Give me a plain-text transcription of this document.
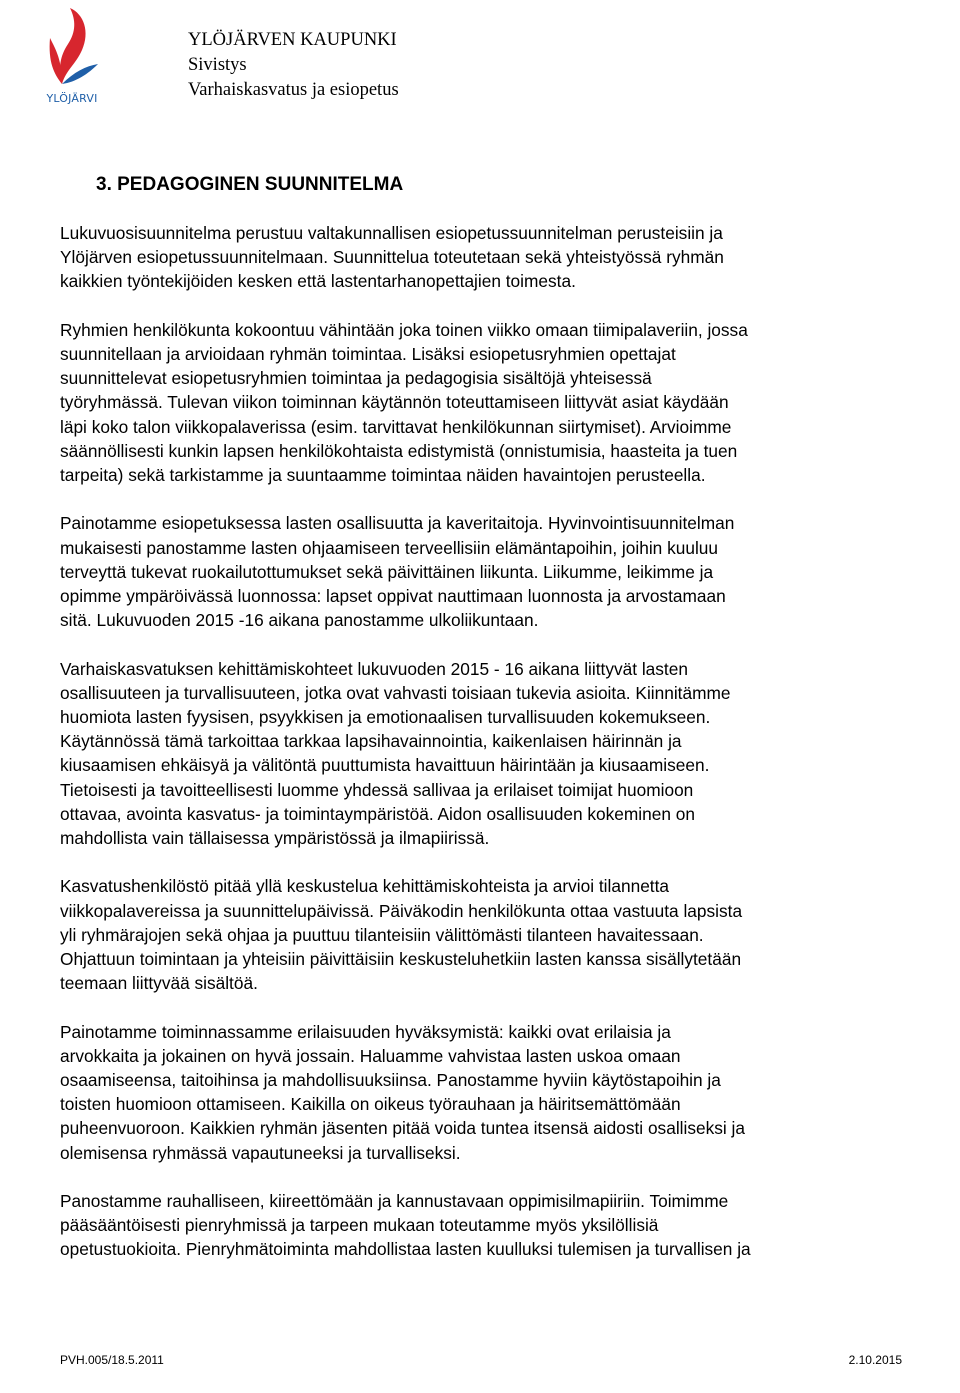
YLÖJÄRVI
YLÖJÄRVEN KAUPUNKI
Sivistys
Varhaiskasvatus ja esiopetus
3. PEDAGOGINEN SUUNNITELMA
Lukuvuosisuunnitelma perustuu valtakunnallisen esiopetussuunnitelman perusteisiin ja
Ylöjärven esiopetussuunnitelmaan. Suunnittelua toteutetaan sekä yhteistyössä ryhmän
kaikkien työntekijöiden kesken että lastentarhanopettajien toimesta.
Ryhmien henkilökunta kokoontuu vähintään joka toinen viikko omaan tiimipalaveriin, jossa
suunnitellaan ja arvioidaan ryhmän toimintaa. Lisäksi esiopetusryhmien opettajat
suunnittelevat esiopetusryhmien toimintaa ja pedagogisia sisältöjä yhteisessä
työryhmässä. Tulevan viikon toiminnan käytännön toteuttamiseen liittyvät asiat käydään
läpi koko talon viikkopalaverissa (esim. tarvittavat henkilökunnan siirtymiset). Arvioimme
säännöllisesti kunkin lapsen henkilökohtaista edistymistä (onnistumisia, haasteita ja tuen
tarpeita) sekä tarkistamme ja suuntaamme toimintaa näiden havaintojen perusteella.
Painotamme esiopetuksessa lasten osallisuutta ja kaveritaitoja. Hyvinvointisuunnitelman
mukaisesti panostamme lasten ohjaamiseen terveellisiin elämäntapoihin, joihin kuuluu
terveyttä tukevat ruokailutottumukset sekä päivittäinen liikunta. Liikumme, leikimme ja
opimme ympäröivässä luonnossa: lapset oppivat nauttimaan luonnosta ja arvostamaan
sitä. Lukuvuoden 2015 -16 aikana panostamme ulkoliikuntaan.
Varhaiskasvatuksen kehittämiskohteet lukuvuoden 2015 - 16 aikana liittyvät lasten
osallisuuteen ja turvallisuuteen, jotka ovat vahvasti toisiaan tukevia asioita. Kiinnitämme
huomiota lasten fyysisen, psyykkisen ja emotionaalisen turvallisuuden kokemukseen.
Käytännössä tämä tarkoittaa tarkkaa lapsihavainnointia, kaikenlaisen häirinnän ja
kiusaamisen ehkäisyä ja välitöntä puuttumista havaittuun häirintään ja kiusaamiseen.
Tietoisesti ja tavoitteellisesti luomme yhdessä sallivaa ja erilaiset toimijat huomioon
ottavaa, avointa kasvatus- ja toimintaympäristöä. Aidon osallisuuden kokeminen on
mahdollista vain tällaisessa ympäristössä ja ilmapiirissä.
Kasvatushenkilöstö pitää yllä keskustelua kehittämiskohteista ja arvioi tilannetta
viikkopalavereissa ja suunnittelupäivissä. Päiväkodin henkilökunta ottaa vastuuta lapsista
yli ryhmärajojen sekä ohjaa ja puuttuu tilanteisiin välittömästi tilanteen havaitessaan.
Ohjattuun toimintaan ja yhteisiin päivittäisiin keskusteluhetkiin lasten kanssa sisällytetään
teemaan liittyvää sisältöä.
Painotamme toiminnassamme erilaisuuden hyväksymistä: kaikki ovat erilaisia ja
arvokkaita ja jokainen on hyvä jossain. Haluamme vahvistaa lasten uskoa omaan
osaamiseensa, taitoihinsa ja mahdollisuuksiinsa. Panostamme hyviin käytöstapoihin ja
toisten huomioon ottamiseen. Kaikilla on oikeus työrauhaan ja häiritsemättömään
puheenvuoroon. Kaikkien ryhmän jäsenten pitää voida tuntea itsensä aidosti osalliseksi ja
olemisensa ryhmässä vapautuneeksi ja turvalliseksi.
Panostamme rauhalliseen, kiireettömään ja kannustavaan oppimisilmapiiriin. Toimimme
pääsääntöisesti pienryhmissä ja tarpeen mukaan toteutamme myös yksilöllisiä
opetustuokioita. Pienryhmätoiminta mahdollistaa lasten kuulluksi tulemisen ja turvallisen ja
PVH.005/18.5.2011	2.10.2015
